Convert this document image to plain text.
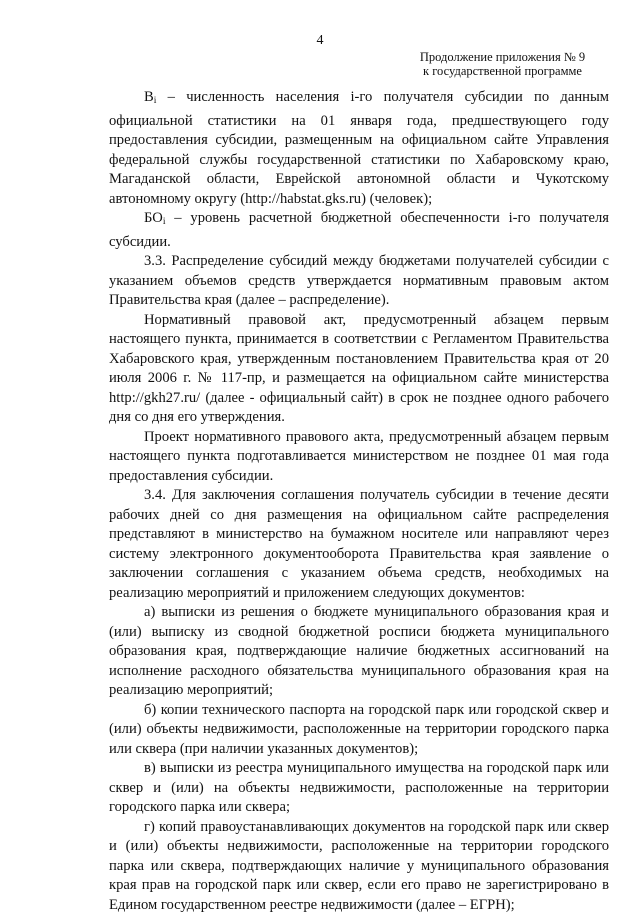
4
Продолжение приложения № 9
к государственной программе

$B_i$ – численность населения i-го получателя субсидии по данным официальной статистики на 01 января года, предшествующего году предоставления субсидии, размещенным на официальном сайте Управления федеральной службы государственной статистики по Хабаровскому краю, Магаданской области, Еврейской автономной области и Чукотскому автономному округу (http://habstat.gks.ru) (человек);

$БО_i$ – уровень расчетной бюджетной обеспеченности i-го получателя субсидии.

3.3. Распределение субсидий между бюджетами получателей субсидии с указанием объемов средств утверждается нормативным правовым актом Правительства края (далее – распределение).

Нормативный правовой акт, предусмотренный абзацем первым настоящего пункта, принимается в соответствии с Регламентом Правительства Хабаровского края, утвержденным постановлением Правительства края от 20 июля 2006 г. № 117-пр, и размещается на официальном сайте министерства http://gkh27.ru/ (далее - официальный сайт) в срок не позднее одного рабочего дня со дня его утверждения.

Проект нормативного правового акта, предусмотренный абзацем первым настоящего пункта подготавливается министерством не позднее 01 мая года предоставления субсидии.

3.4. Для заключения соглашения получатель субсидии в течение десяти рабочих дней со дня размещения на официальном сайте распределения представляют в министерство на бумажном носителе или направляют через систему электронного документооборота Правительства края заявление о заключении соглашения с указанием объема средств, необходимых на реализацию мероприятий и приложением следующих документов:

а) выписки из решения о бюджете муниципального образования края и (или) выписку из сводной бюджетной росписи бюджета муниципального образования края, подтверждающие наличие бюджетных ассигнований на исполнение расходного обязательства муниципального образования края на реализацию мероприятий;

б) копии технического паспорта на городской парк или городской сквер и (или) объекты недвижимости, расположенные на территории городского парка или сквера (при наличии указанных документов);

в) выписки из реестра муниципального имущества на городской парк или сквер и (или) на объекты недвижимости, расположенные на территории городского парка или сквера;

г) копий правоустанавливающих документов на городской парк или сквер и (или) объекты недвижимости, расположенные на территории городского парка или сквера, подтверждающих наличие у муниципального образования края прав на городской парк или сквер, если его право не зарегистрировано в Едином государственном реестре недвижимости (далее – ЕГРН);
